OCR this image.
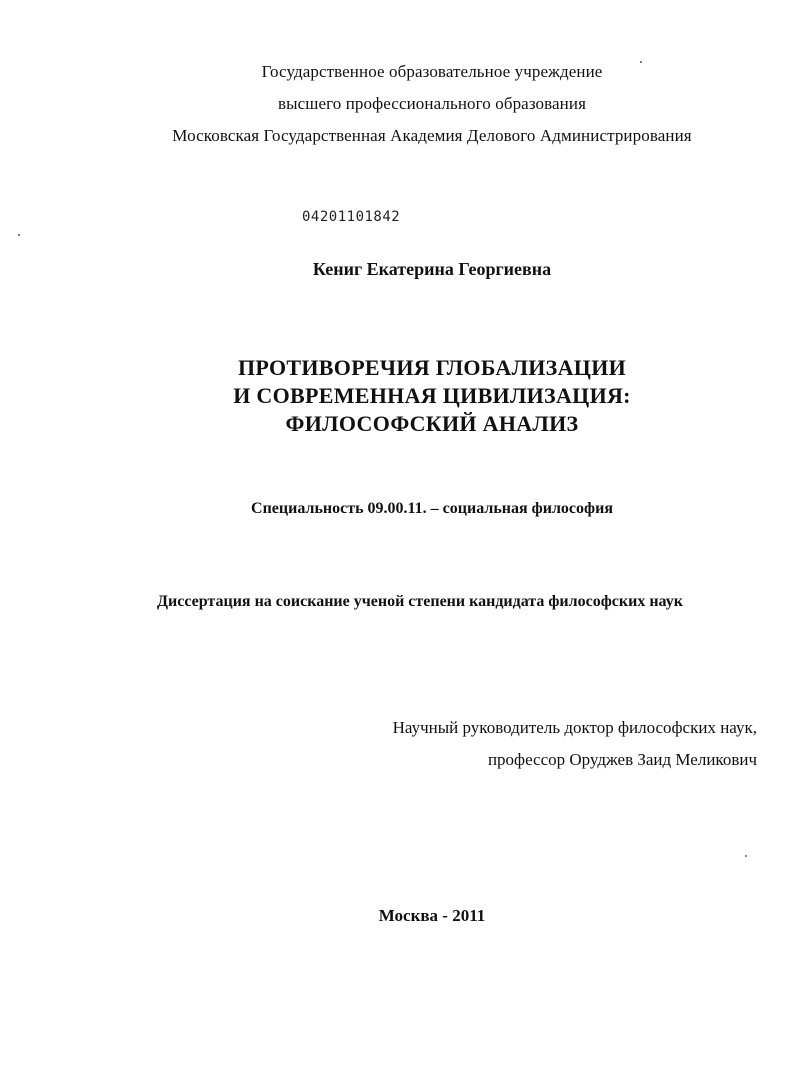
Государственное образовательное учреждение
высшего профессионального образования
Московская Государственная Академия Делового Администрирования
04201101842
Кениг Екатерина Георгиевна
ПРОТИВОРЕЧИЯ ГЛОБАЛИЗАЦИИ
И СОВРЕМЕННАЯ ЦИВИЛИЗАЦИЯ:
ФИЛОСОФСКИЙ АНАЛИЗ
Специальность 09.00.11. – социальная философия
Диссертация на соискание ученой степени кандидата философских наук
Научный руководитель доктор философских наук,
профессор Оруджев Заид Меликович
Москва - 2011
